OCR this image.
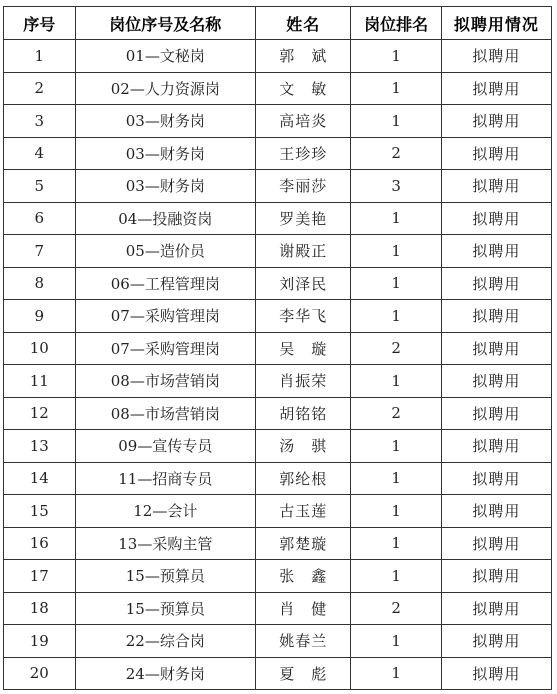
序号	岗位序号及名称	姓名	岗位排名	拟聘用情况
1	01—文秘岗	郭　斌	1	拟聘用
2	02—人力资源岗	文　敏	1	拟聘用
3	03—财务岗	高培炎	1	拟聘用
4	03—财务岗	王珍珍	2	拟聘用
5	03—财务岗	李丽莎	3	拟聘用
6	04—投融资岗	罗美艳	1	拟聘用
7	05—造价员	谢殿正	1	拟聘用
8	06—工程管理岗	刘泽民	1	拟聘用
9	07—采购管理岗	李华飞	1	拟聘用
10	07—采购管理岗	吴　璇	2	拟聘用
11	08—市场营销岗	肖振荣	1	拟聘用
12	08—市场营销岗	胡铭铭	2	拟聘用
13	09—宣传专员	汤　骐	1	拟聘用
14	11—招商专员	郭纶根	1	拟聘用
15	12—会计	古玉莲	1	拟聘用
16	13—采购主管	郭楚璇	1	拟聘用
17	15—预算员	张　鑫	1	拟聘用
18	15—预算员	肖　健	2	拟聘用
19	22—综合岗	姚春兰	1	拟聘用
20	24—财务岗	夏　彪	1	拟聘用
